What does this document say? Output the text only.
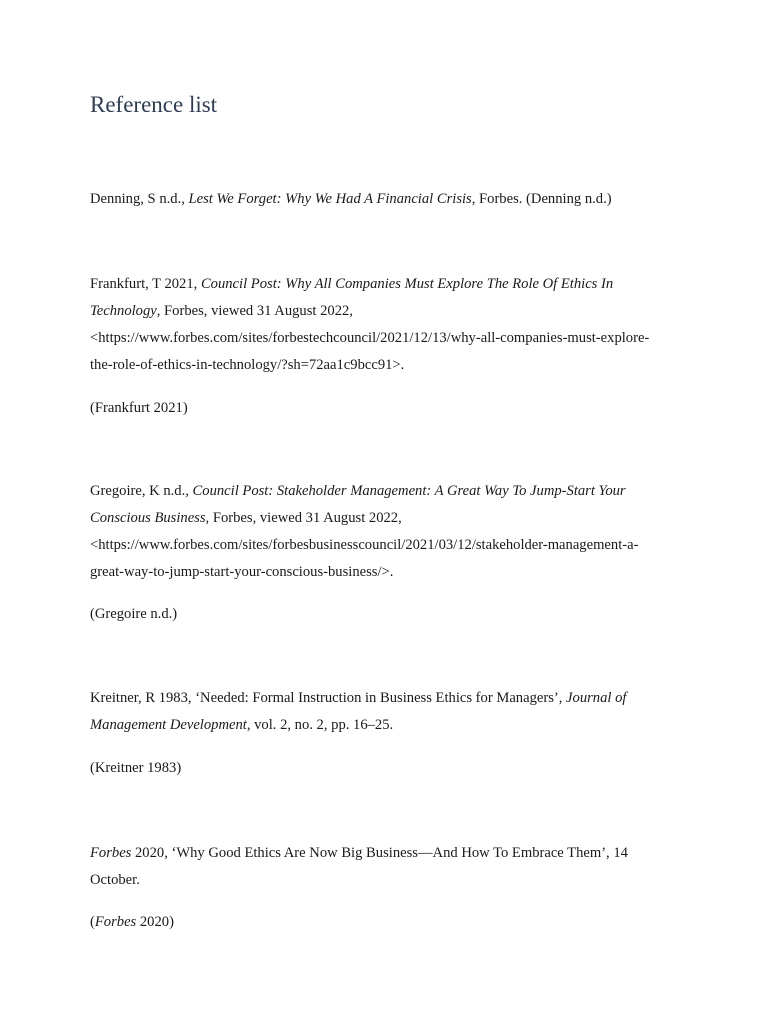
Reference list

Denning, S n.d., Lest We Forget: Why We Had A Financial Crisis, Forbes. (Denning n.d.)

Frankfurt, T 2021, Council Post: Why All Companies Must Explore The Role Of Ethics In
Technology, Forbes, viewed 31 August 2022,
<https://www.forbes.com/sites/forbestechcouncil/2021/12/13/why-all-companies-must-explore-
the-role-of-ethics-in-technology/?sh=72aa1c9bcc91>.

(Frankfurt 2021)

Gregoire, K n.d., Council Post: Stakeholder Management: A Great Way To Jump-Start Your
Conscious Business, Forbes, viewed 31 August 2022,
<https://www.forbes.com/sites/forbesbusinesscouncil/2021/03/12/stakeholder-management-a-
great-way-to-jump-start-your-conscious-business/>.

(Gregoire n.d.)

Kreitner, R 1983, ‘Needed: Formal Instruction in Business Ethics for Managers’, Journal of
Management Development, vol. 2, no. 2, pp. 16–25.

(Kreitner 1983)

Forbes 2020, ‘Why Good Ethics Are Now Big Business—And How To Embrace Them’, 14
October.

(Forbes 2020)
